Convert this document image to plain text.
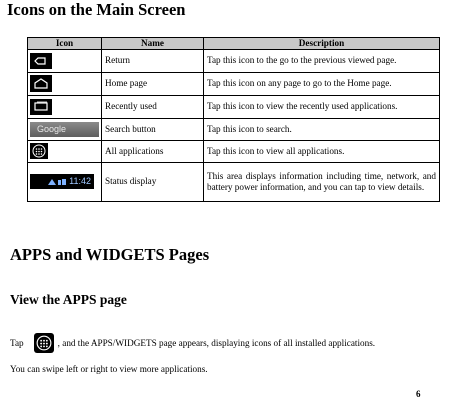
Icons on the Main Screen
Icon	Name	Description

	Return	Tap this icon to the go to the previous viewed page.

	Home page	Tap this icon on any page to go to the Home page.

	Recently used	Tap this icon to view the recently used applications.

Google	Search button	Tap this icon to search.

	All applications	Tap this icon to view all applications.

11:42	Status display	This area displays information including time, network, and battery power information, and you can tap to view details.
APPS and WIDGETS Pages
View the APPS page
Tap	, and the APPS/WIDGETS page appears, displaying icons of all installed applications.
You can swipe left or right to view more applications.
6
